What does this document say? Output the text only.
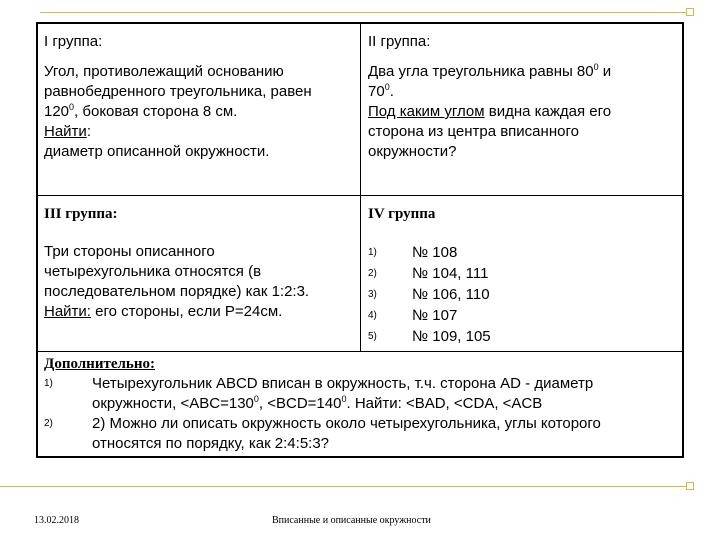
I группа:
Угол, противолежащий основанию
равнобедренного треугольника, равен
$120^0$, боковая сторона 8 см.
Найти:
диаметр описанной окружности.
II группа:
Два угла треугольника равны $80^0$ и
$70^0$.
Под каким углом видна каждая его
сторона из центра вписанного
окружности?
III группа:
Три стороны описанного
четырехугольника относятся (в
последовательном порядке) как 1:2:3.
Найти: его стороны, если P=24см.
IV группа
1) № 108
2) № 104, 111
3) № 106, 110
4) № 107
5) № 109, 105
Дополнительно:
1)	Четырехугольник ABCD вписан в окружность, т.ч. сторона AD - диаметр
окружности, $<ABC=130^0$, $<BCD=140^0$. Найти: <BAD, <CDA, <ACB
2)	2) Можно ли описать окружность около четырехугольника, углы которого
относятся по порядку, как 2:4:5:3?
13.02.2018	Вписанные и описанные окружности
